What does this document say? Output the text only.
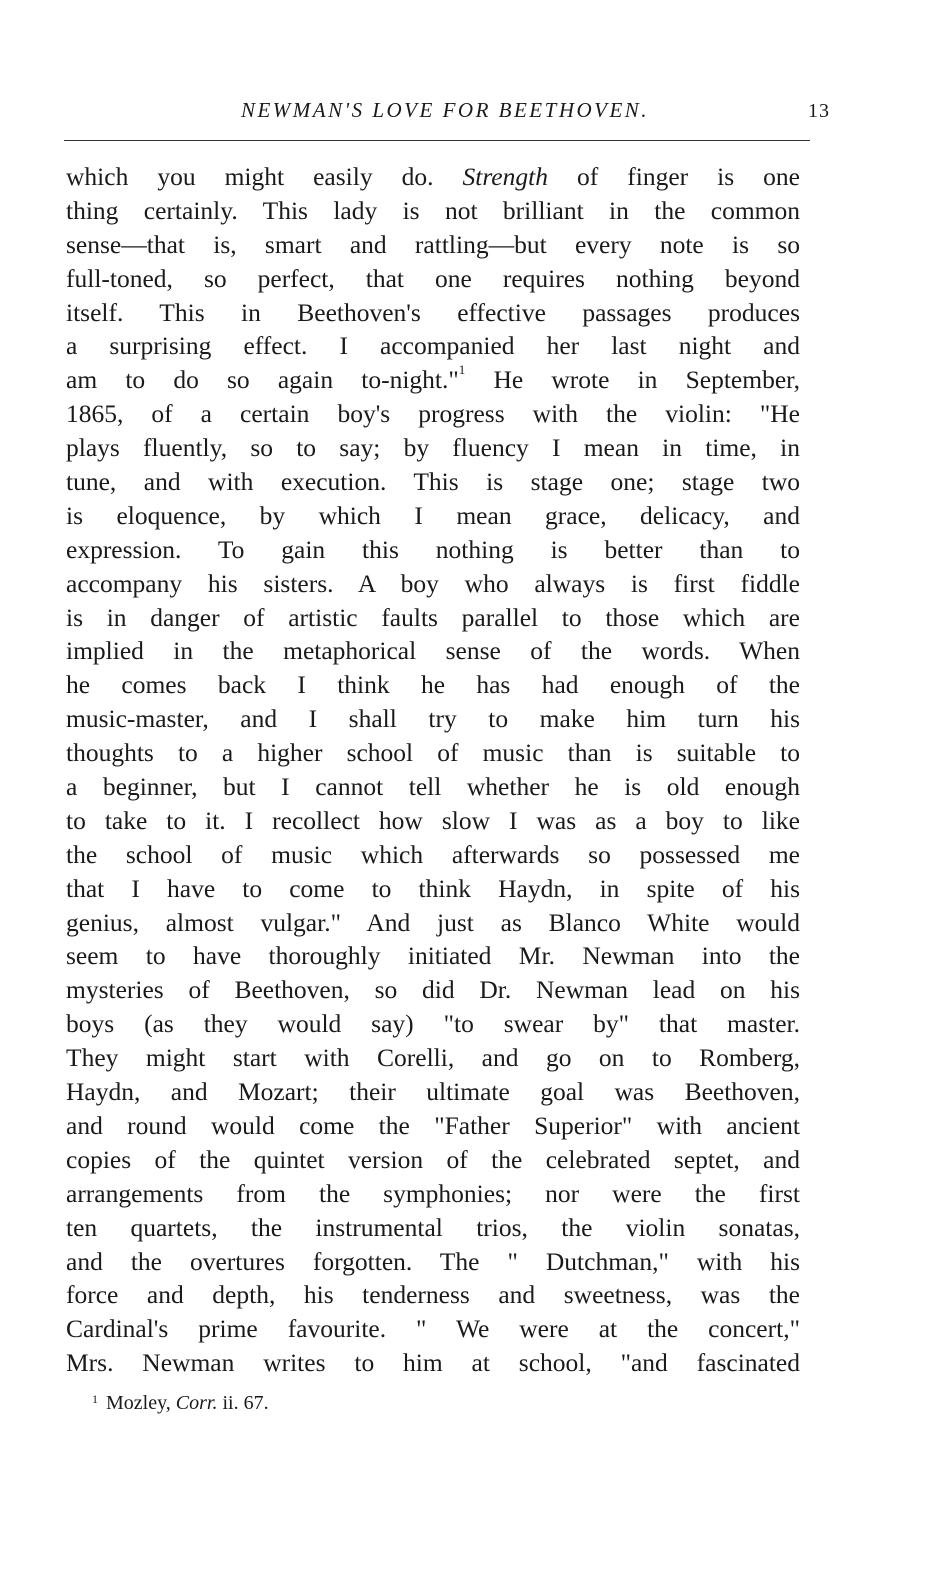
NEWMAN'S LOVE FOR BEETHOVEN.	13
which you might easily do. Strength of finger is one
thing certainly. This lady is not brilliant in the common
sense—that is, smart and rattling—but every note is so
full-toned, so perfect, that one requires nothing beyond
itself. This in Beethoven's effective passages produces
a surprising effect. I accompanied her last night and
am to do so again to-night."$^1$ He wrote in September,
1865, of a certain boy's progress with the violin: "He
plays fluently, so to say; by fluency I mean in time, in
tune, and with execution. This is stage one; stage two
is eloquence, by which I mean grace, delicacy, and
expression. To gain this nothing is better than to
accompany his sisters. A boy who always is first fiddle
is in danger of artistic faults parallel to those which are
implied in the metaphorical sense of the words. When
he comes back I think he has had enough of the
music-master, and I shall try to make him turn his
thoughts to a higher school of music than is suitable to
a beginner, but I cannot tell whether he is old enough
to take to it. I recollect how slow I was as a boy to like
the school of music which afterwards so possessed me
that I have to come to think Haydn, in spite of his
genius, almost vulgar." And just as Blanco White would
seem to have thoroughly initiated Mr. Newman into the
mysteries of Beethoven, so did Dr. Newman lead on his
boys (as they would say) "to swear by" that master.
They might start with Corelli, and go on to Romberg,
Haydn, and Mozart; their ultimate goal was Beethoven,
and round would come the "Father Superior" with ancient
copies of the quintet version of the celebrated septet, and
arrangements from the symphonies; nor were the first
ten quartets, the instrumental trios, the violin sonatas,
and the overtures forgotten. The " Dutchman," with his
force and depth, his tenderness and sweetness, was the
Cardinal's prime favourite. " We were at the concert,"
Mrs. Newman writes to him at school, "and fascinated
$^1$ Mozley, Corr. ii. 67.
